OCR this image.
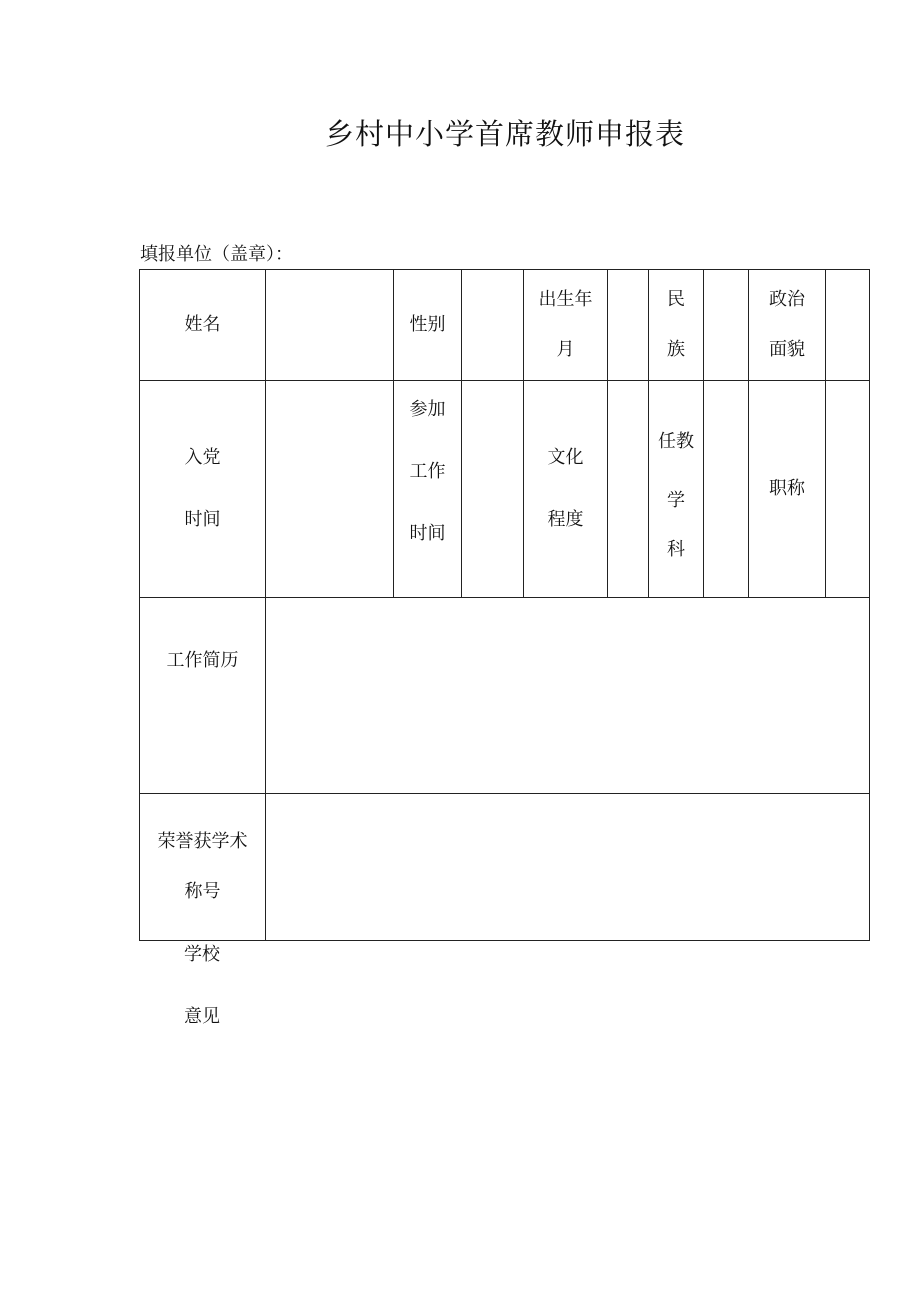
乡村中小学首席教师申报表
填报单位（盖章）：
姓名	性别
出生年
月
民
族
政治
面貌
入党
时间
参加
工作
时间
文化
程度
任教
学
科
职称
工作简历
荣誉获学术
称号
学校
意见
